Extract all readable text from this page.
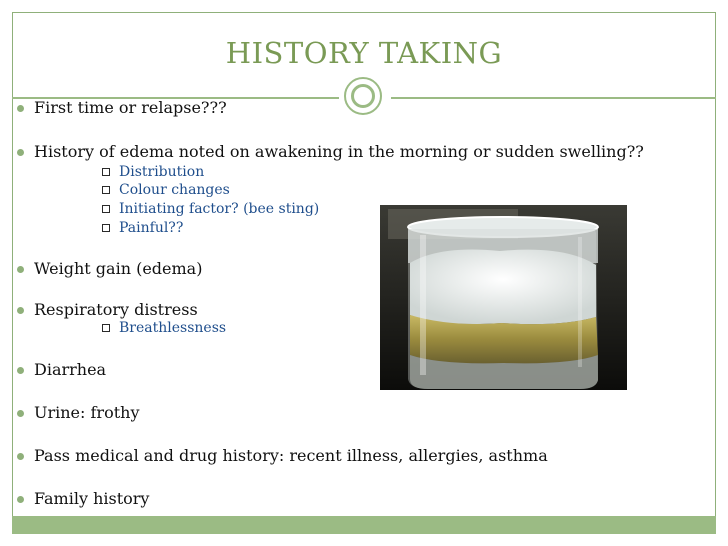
HISTORY TAKING
First time or relapse???
History of edema noted on awakening in the morning or sudden swelling??
Distribution
Colour changes
Initiating factor? (bee sting)
Painful??
Weight gain (edema)
Respiratory distress
Breathlessness
Diarrhea
Urine: frothy
Pass medical and drug history: recent illness, allergies, asthma
Family history
